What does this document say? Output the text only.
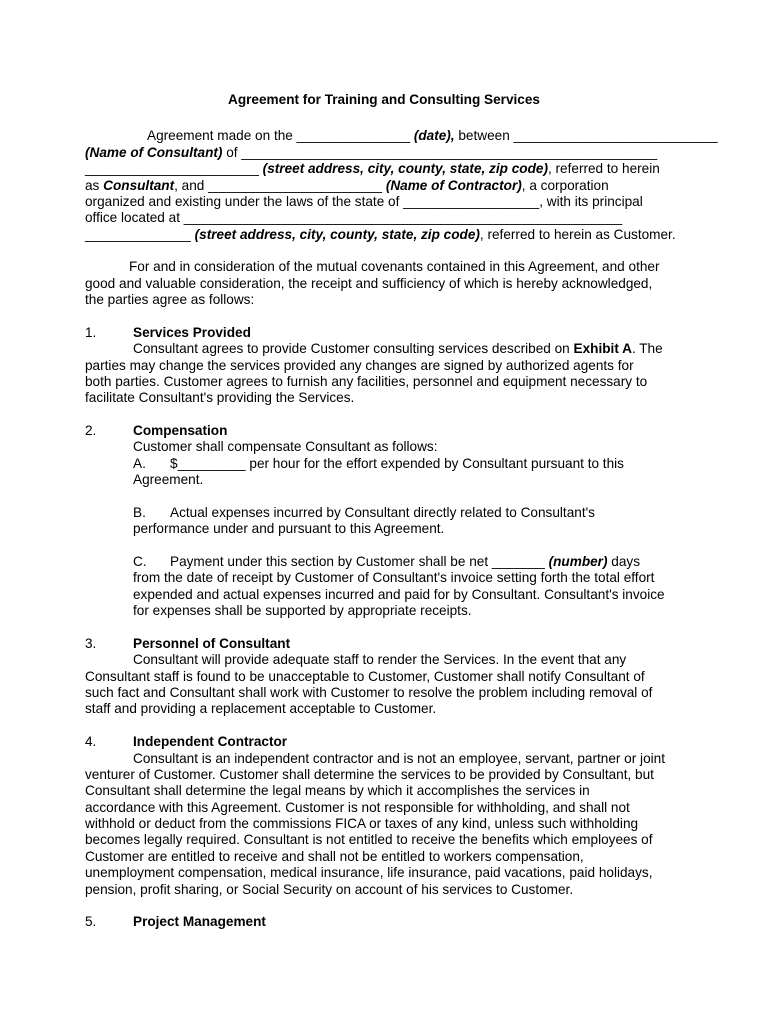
Agreement for Training and Consulting Services
Agreement made on the _______________ (date), between ___________________________
(Name of Consultant) of _______________________________________________________
_______________________ (street address, city, county, state, zip code), referred to herein
as Consultant, and _______________________ (Name of Contractor), a corporation
organized and existing under the laws of the state of __________________, with its principal
office located at __________________________________________________________
______________ (street address, city, county, state, zip code), referred to herein as Customer.
For and in consideration of the mutual covenants contained in this Agreement, and other
good and valuable consideration, the receipt and sufficiency of which is hereby acknowledged,
the parties agree as follows:
1.	Services Provided
Consultant agrees to provide Customer consulting services described on Exhibit A. The
parties may change the services provided any changes are signed by authorized agents for
both parties. Customer agrees to furnish any facilities, personnel and equipment necessary to
facilitate Consultant's providing the Services.
2.	Compensation
Customer shall compensate Consultant as follows:
A. $_________ per hour for the effort expended by Consultant pursuant to this
Agreement.
B. Actual expenses incurred by Consultant directly related to Consultant's
performance under and pursuant to this Agreement.
C. Payment under this section by Customer shall be net _______ (number) days
from the date of receipt by Customer of Consultant's invoice setting forth the total effort
expended and actual expenses incurred and paid for by Consultant. Consultant's invoice
for expenses shall be supported by appropriate receipts.
3.	Personnel of Consultant
Consultant will provide adequate staff to render the Services. In the event that any
Consultant staff is found to be unacceptable to Customer, Customer shall notify Consultant of
such fact and Consultant shall work with Customer to resolve the problem including removal of
staff and providing a replacement acceptable to Customer.
4.	Independent Contractor
Consultant is an independent contractor and is not an employee, servant, partner or joint
venturer of Customer. Customer shall determine the services to be provided by Consultant, but
Consultant shall determine the legal means by which it accomplishes the services in
accordance with this Agreement. Customer is not responsible for withholding, and shall not
withhold or deduct from the commissions FICA or taxes of any kind, unless such withholding
becomes legally required. Consultant is not entitled to receive the benefits which employees of
Customer are entitled to receive and shall not be entitled to workers compensation,
unemployment compensation, medical insurance, life insurance, paid vacations, paid holidays,
pension, profit sharing, or Social Security on account of his services to Customer.
5.	Project Management
